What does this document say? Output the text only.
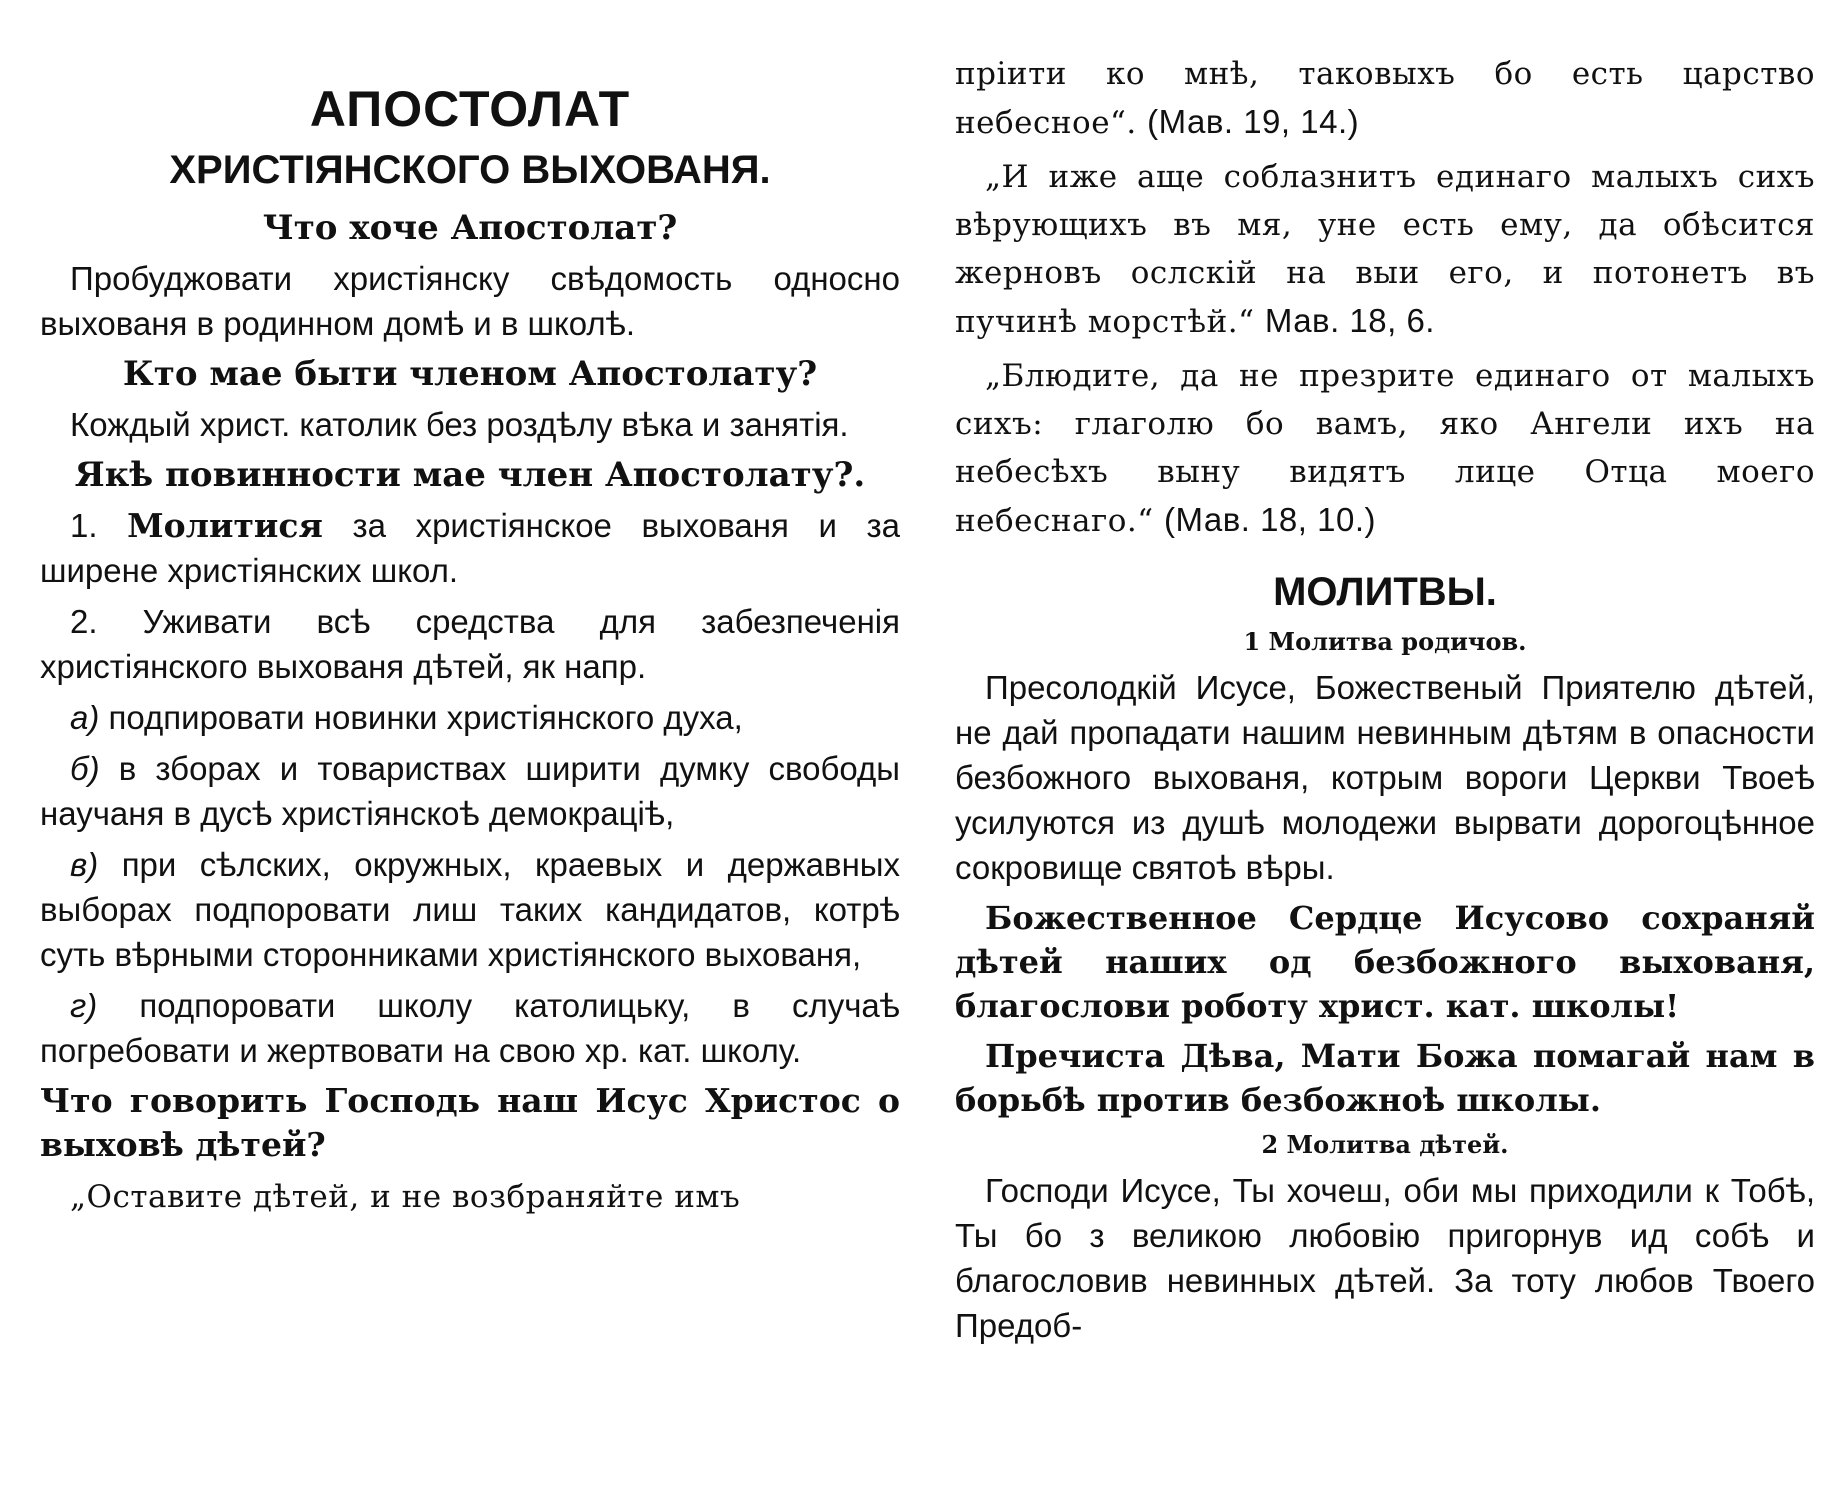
АПОСТОЛАТ
ХРИСТІЯНСКОГО ВЫХОВАНЯ.
Что хоче Апостолат?

Пробуджовати христіянску свѣдомость односно выхованя в родинном домѣ и в школѣ.

Кто мае быти членом Апостолату?

Кождый христ. католик без роздѣлу вѣка и занятія.

Якѣ повинности мае член Апостолату?.

1. Молитися за христіянское выхованя и за ширене христіянских школ.

2. Уживати всѣ средства для забезпеченія христіянского выхованя дѣтей, як напр.

а) подпировати новинки христіянского духа,

б) в зборах и товариствах ширити думку свободы научаня в дусѣ христіянскоѣ демокраціѣ,

в) при сѣлских, окружных, краевых и державных выборах подпоровати лиш таких кандидатов, котрѣ суть вѣрными сторонниками христіянского выхованя,

г) подпоровати школу католицьку, в случаѣ погребовати и жертвовати на свою хр. кат. школу.

Что говорить Господь наш Исус Христос о выховѣ дѣтей?

„Оставите дѣтей, и не возбраняйте имъ

пріити ко мнѣ, таковыхъ бо есть царство небесное“. (Мав. 19, 14.)

„И иже аще соблазнитъ единаго малыхъ сихъ вѣрующихъ въ мя, уне есть ему, да обѣсится жерновъ ослскій на выи его, и потонетъ въ пучинѣ морстѣй.“ Мав. 18, 6.

„Блюдите, да не презрите единаго от малыхъ сихъ: глаголю бо вамъ, яко Ангели ихъ на небесѣхъ выну видятъ лице Отца моего небеснаго.“ (Мав. 18, 10.)

МОЛИТВЫ.
1 Молитва родичов.

Пресолодкій Исусе, Божественый Приятелю дѣтей, не дай пропадати нашим невинным дѣтям в опасности безбожного выхованя, котрым вороги Церкви Твоеѣ усилуются из душѣ молодежи вырвати дорогоцѣнное сокровище святоѣ вѣры.

Божественное Сердце Исусово сохраняй дѣтей наших од безбожного выхованя, благослови роботу христ. кат. школы!

Пречиста Дѣва, Мати Божа помагай нам в борьбѣ против безбожноѣ школы.

2 Молитва дѣтей.

Господи Исусе, Ты хочеш, оби мы приходили к Тобѣ, Ты бо з великою любовію пригорнув ид собѣ и благословив невинных дѣтей. За тоту любов Твоего Предоб-
